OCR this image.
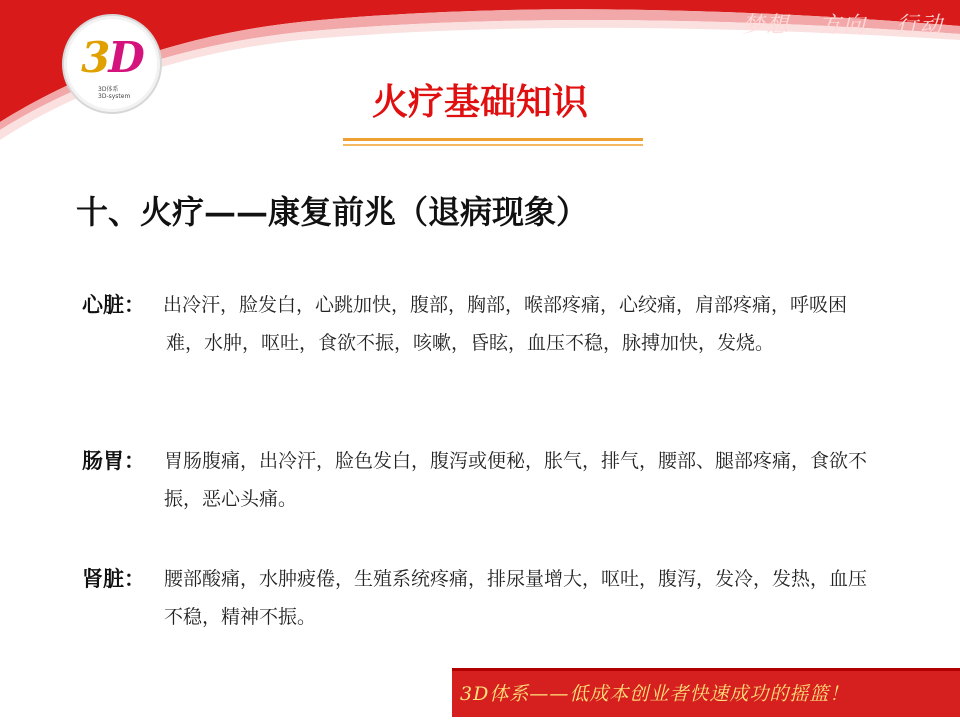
3D
3D体系
3D-system
梦想 方向 行动
火疗基础知识
十、火疗——康复前兆（退病现象）
心脏： 出冷汗，脸发白，心跳加快，腹部，胸部，喉部疼痛，心绞痛，肩部疼痛，呼吸困难，水肿，呕吐，食欲不振，咳嗽，昏眩，血压不稳，脉搏加快，发烧。

肠胃： 胃肠腹痛，出冷汗，脸色发白，腹泻或便秘，胀气，排气，腰部、腿部疼痛，食欲不振，恶心头痛。

肾脏： 腰部酸痛，水肿疲倦，生殖系统疼痛，排尿量增大，呕吐，腹泻，发冷，发热，血压不稳，精神不振。

3D体系——低成本创业者快速成功的摇篮！
